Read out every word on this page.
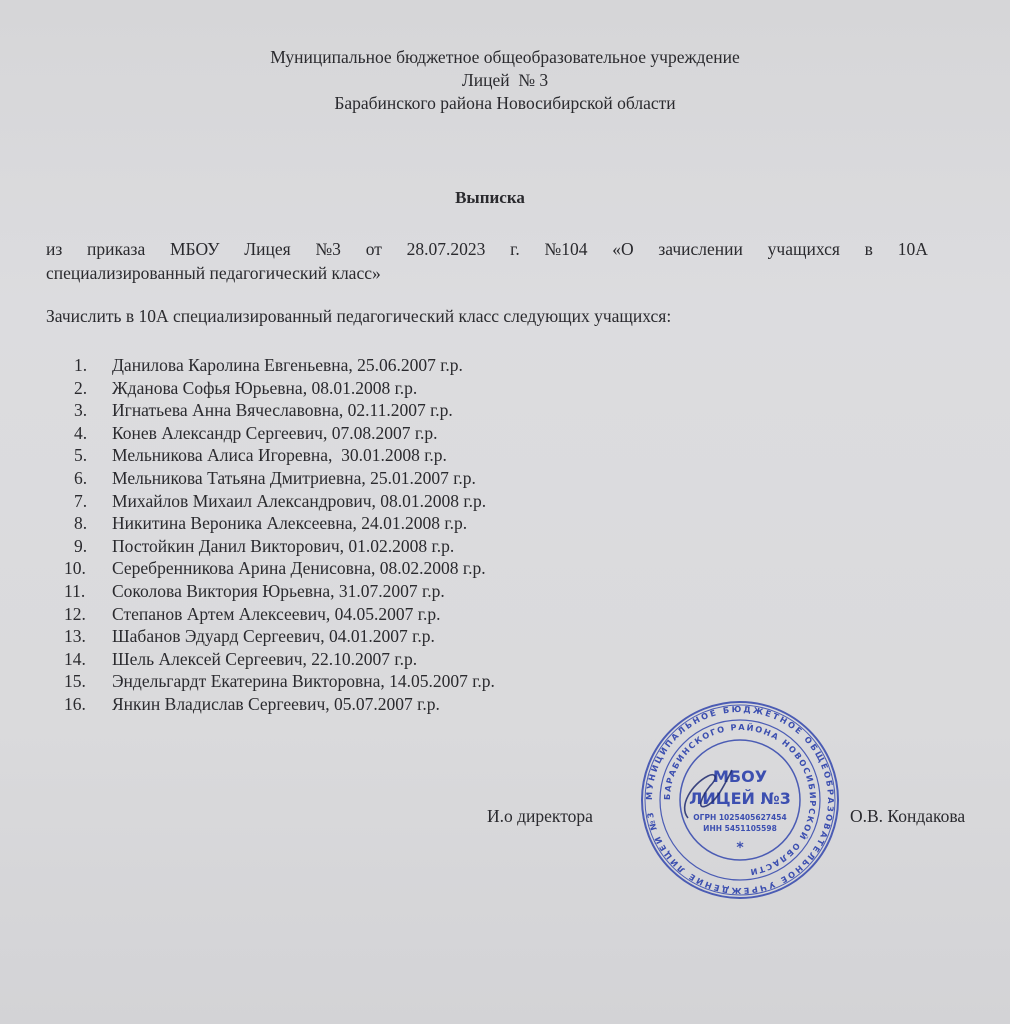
Муниципальное бюджетное общеобразовательное учреждение
Лицей  № 3
Барабинского района Новосибирской области
Выписка
из приказа МБОУ Лицея №3 от 28.07.2023 г. №104 «О зачислении учащихся в 10А
специализированный педагогический класс»
Зачислить в 10А специализированный педагогический класс следующих учащихся:
1.	Данилова Каролина Евгеньевна, 25.06.2007 г.р.
2.	Жданова Софья Юрьевна, 08.01.2008 г.р.
3.	Игнатьева Анна Вячеславовна, 02.11.2007 г.р.
4.	Конев Александр Сергеевич, 07.08.2007 г.р.
5.	Мельникова Алиса Игоревна,  30.01.2008 г.р.
6.	Мельникова Татьяна Дмитриевна, 25.01.2007 г.р.
7.	Михайлов Михаил Александрович, 08.01.2008 г.р.
8.	Никитина Вероника Алексеевна, 24.01.2008 г.р.
9.	Постойкин Данил Викторович, 01.02.2008 г.р.
10.	Серебренникова Арина Денисовна, 08.02.2008 г.р.
11.	Соколова Виктория Юрьевна, 31.07.2007 г.р.
12.	Степанов Артем Алексеевич, 04.05.2007 г.р.
13.	Шабанов Эдуард Сергеевич, 04.01.2007 г.р.
14.	Шель Алексей Сергеевич, 22.10.2007 г.р.
15.	Эндельгардт Екатерина Викторовна, 14.05.2007 г.р.
16.	Янкин Владислав Сергеевич, 05.07.2007 г.р.
И.о директора
МУНИЦИПАЛЬНОЕ БЮДЖЕТНОЕ ОБЩЕОБРАЗОВАТЕЛЬНОЕ УЧРЕЖДЕНИЕ ЛИЦЕЙ №3
БАРАБИНСКОГО РАЙОНА НОВОСИБИРСКОЙ ОБЛАСТИ
МБОУ
ЛИЦЕЙ №3
ОГРН 1025405627454
ИНН 5451105598
*
О.В. Кондакова
